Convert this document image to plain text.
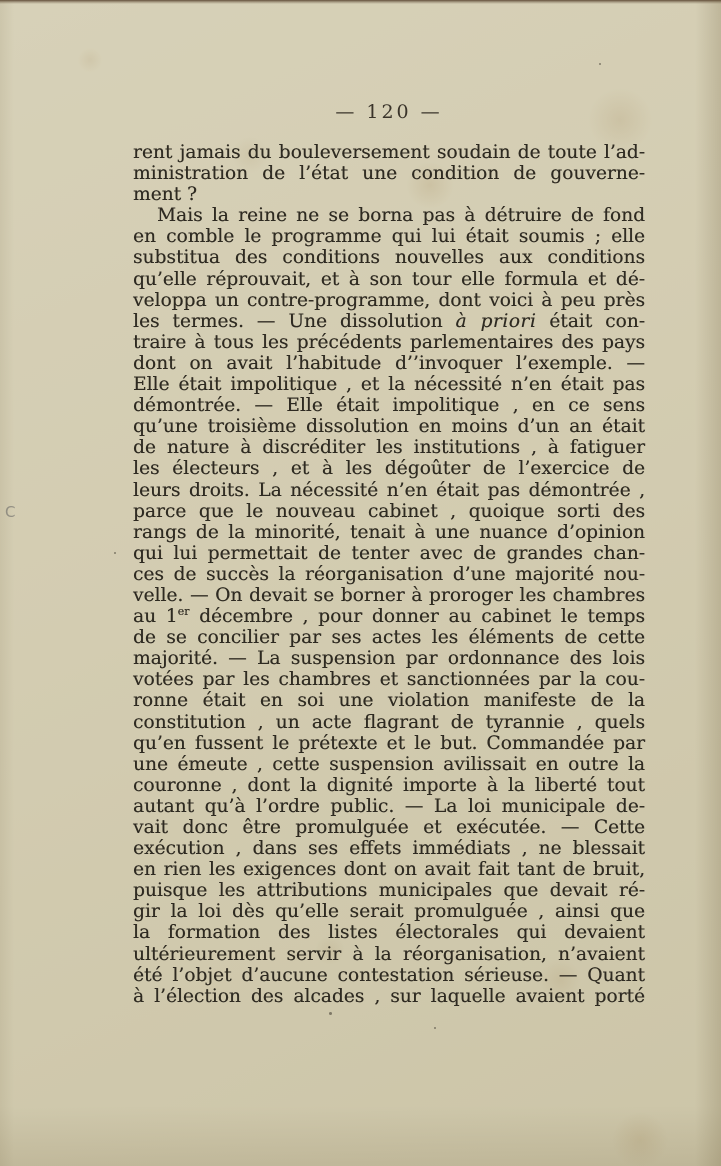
— 120 —
C
rent jamais du bouleversement soudain de toute l’ad-
ministration de l’état une condition de gouverne-
ment ?
Mais la reine ne se borna pas à détruire de fond
en comble le programme qui lui était soumis ; elle
substitua des conditions nouvelles aux conditions
qu’elle réprouvait, et à son tour elle formula et dé-
veloppa un contre-programme, dont voici à peu près
les termes. — Une dissolution à priori était con-
traire à tous les précédents parlementaires des pays
dont on avait l’habitude d’’invoquer l’exemple. —
Elle était impolitique , et la nécessité n’en était pas
démontrée. — Elle était impolitique , en ce sens
qu’une troisième dissolution en moins d’un an était
de nature à discréditer les institutions , à fatiguer
les électeurs , et à les dégoûter de l’exercice de
leurs droits. La nécessité n’en était pas démontrée ,
parce que le nouveau cabinet , quoique sorti des
rangs de la minorité, tenait à une nuance d’opinion
qui lui permettait de tenter avec de grandes chan-
ces de succès la réorganisation d’une majorité nou-
velle. — On devait se borner à proroger les chambres
au 1er décembre , pour donner au cabinet le temps
de se concilier par ses actes les éléments de cette
majorité. — La suspension par ordonnance des lois
votées par les chambres et sanctionnées par la cou-
ronne était en soi une violation manifeste de la
constitution , un acte flagrant de tyrannie , quels
qu’en fussent le prétexte et le but. Commandée par
une émeute , cette suspension avilissait en outre la
couronne , dont la dignité importe à la liberté tout
autant qu’à l’ordre public. — La loi municipale de-
vait donc être promulguée et exécutée. — Cette
exécution , dans ses effets immédiats , ne blessait
en rien les exigences dont on avait fait tant de bruit,
puisque les attributions municipales que devait ré-
gir la loi dès qu’elle serait promulguée , ainsi que
la formation des listes électorales qui devaient
ultérieurement servir à la réorganisation, n’avaient
été l’objet d’aucune contestation sérieuse. — Quant
à l’élection des alcades , sur laquelle avaient porté
